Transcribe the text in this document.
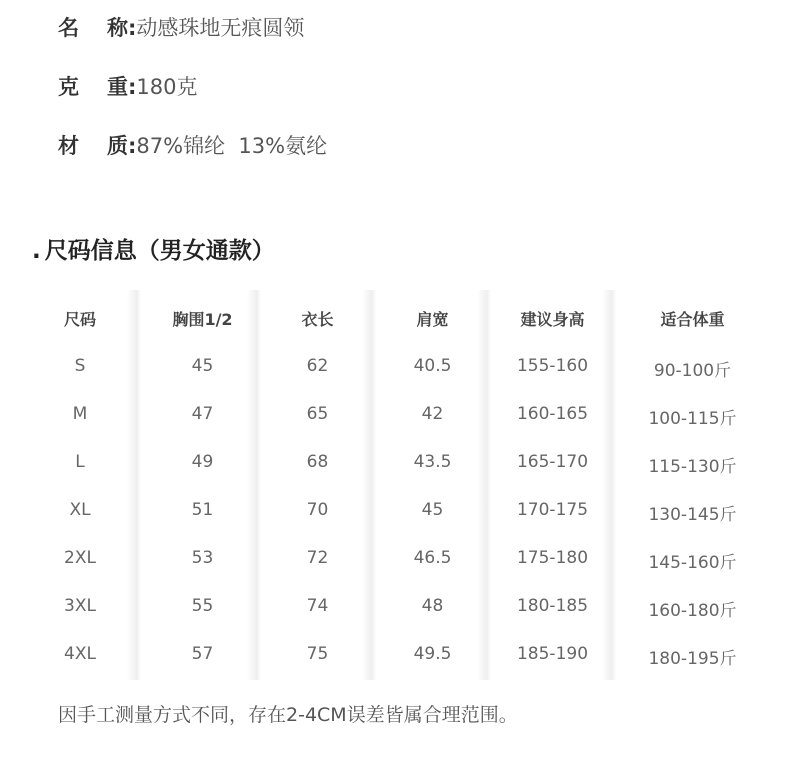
名 称:动感珠地无痕圆领
克 重:180克
材 质:87%锦纶  13%氨纶
. 尺码信息（男女通款）
尺码
S
M
L
XL
2XL
3XL
4XL
胸围1/2
45
47
49
51
53
55
57
衣长
62
65
68
70
72
74
75
肩宽
40.5
42
43.5
45
46.5
48
49.5
建议身高
155-160
160-165
165-170
170-175
175-180
180-185
185-190
适合体重
90-100斤
100-115斤
115-130斤
130-145斤
145-160斤
160-180斤
180-195斤
因手工测量方式不同，存在2-4CM误差皆属合理范围。
